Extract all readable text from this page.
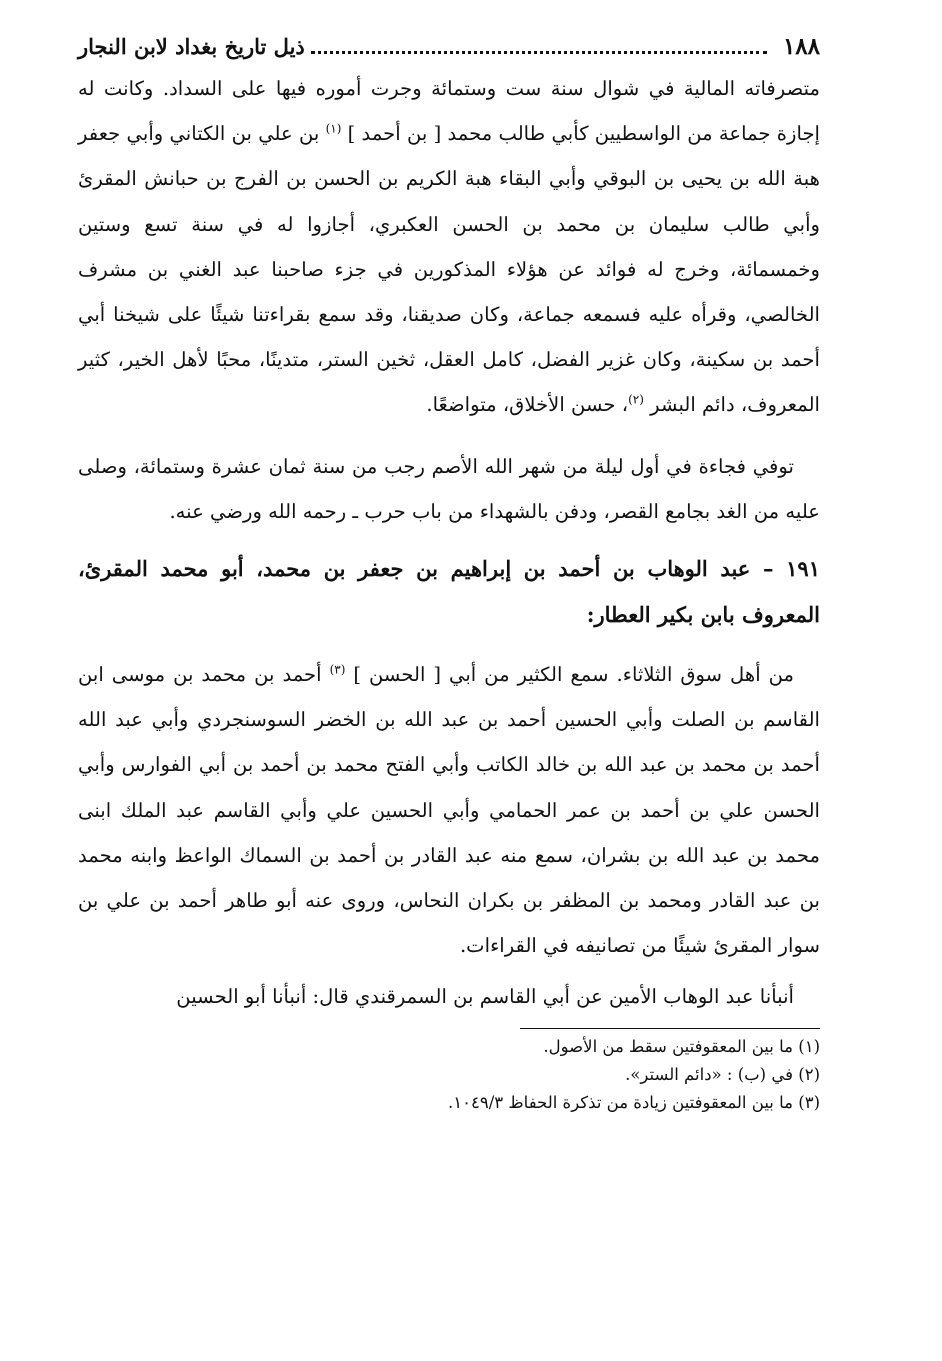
١٨٨
ذيل تاريخ بغداد لابن النجار

متصرفاته المالية في شوال سنة ست وستمائة وجرت أموره فيها على السداد. وكانت له إجازة جماعة من الواسطيين كأبي طالب محمد [ بن أحمد ] $^{(١)}$ بن علي بن الكتاني وأبي جعفر هبة الله بن يحيى بن البوقي وأبي البقاء هبة الكريم بن الحسن بن الفرج بن حبانش المقرئ وأبي طالب سليمان بن محمد بن الحسن العكبري، أجازوا له في سنة تسع وستين وخمسمائة، وخرج له فوائد عن هؤلاء المذكورين في جزء صاحبنا عبد الغني بن مشرف الخالصي، وقرأه عليه فسمعه جماعة، وكان صديقنا، وقد سمع بقراءتنا شيئًا على شيخنا أبي أحمد بن سكينة، وكان غزير الفضل، كامل العقل، ثخين الستر، متدينًا، محبًا لأهل الخير، كثير المعروف، دائم البشر $^{(٢)}$، حسن الأخلاق، متواضعًا.

توفي فجاءة في أول ليلة من شهر الله الأصم رجب من سنة ثمان عشرة وستمائة، وصلى عليه من الغد بجامع القصر، ودفن بالشهداء من باب حرب ـ رحمه الله ورضي عنه.

١٩١ – عبد الوهاب بن أحمد بن إبراهيم بن جعفر بن محمد، أبو محمد المقرئ، المعروف بابن بكير العطار:

من أهل سوق الثلاثاء. سمع الكثير من أبي [ الحسن ] $^{(٣)}$ أحمد بن محمد بن موسى ابن القاسم بن الصلت وأبي الحسين أحمد بن عبد الله بن الخضر السوسنجردي وأبي عبد الله أحمد بن محمد بن عبد الله بن خالد الكاتب وأبي الفتح محمد بن أحمد بن أبي الفوارس وأبي الحسن علي بن أحمد بن عمر الحمامي وأبي الحسين علي وأبي القاسم عبد الملك ابنى محمد بن عبد الله بن بشران، سمع منه عبد القادر بن أحمد بن السماك الواعظ وابنه محمد بن عبد القادر ومحمد بن المظفر بن بكران النحاس، وروى عنه أبو طاهر أحمد بن علي بن سوار المقرئ شيئًا من تصانيفه في القراءات.

أنبأنا عبد الوهاب الأمين عن أبي القاسم بن السمرقندي قال: أنبأنا أبو الحسين

(١) ما بين المعقوفتين سقط من الأصول.

(٢) في (ب) : «دائم الستر».

(٣) ما بين المعقوفتين زيادة من تذكرة الحفاظ ١٠٤٩/٣.
